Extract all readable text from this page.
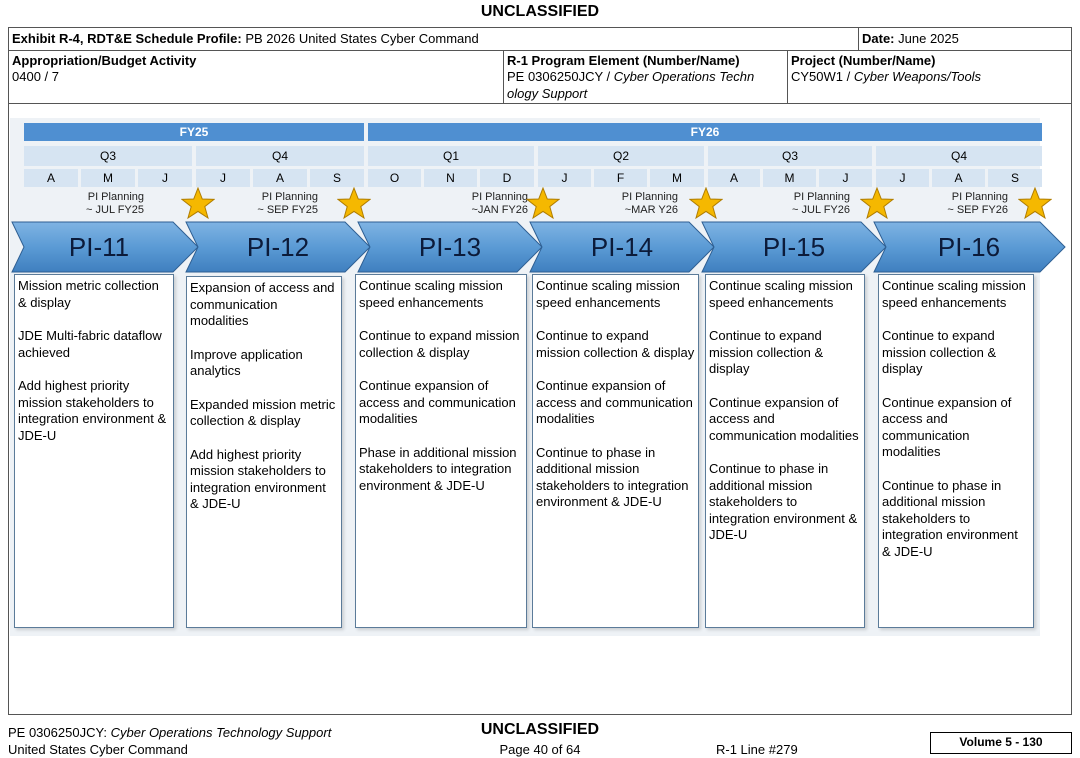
UNCLASSIFIED
Exhibit R-4, RDT&E Schedule Profile: PB 2026 United States Cyber Command	Date: June 2025
Appropriation/Budget Activity
0400 / 7
R-1 Program Element (Number/Name)
PE 0306250JCY / Cyber Operations Techn
ology Support
Project (Number/Name)
CY50W1 / Cyber Weapons/Tools
FY25	FY26
Q3	Q4	Q1	Q2	Q3	Q4
A	M	J	J	A	S	O	N	D	J	F	M	A	M	J	J	A	S
PI Planning
~ JUL FY25
PI Planning
~ SEP FY25
PI Planning
~JAN FY26
PI Planning
~MAR Y26
PI Planning
~ JUL FY26
PI Planning
~ SEP FY26
PI-11	PI-12	PI-13	PI-14	PI-15	PI-16

Mission metric collection & display

JDE Multi-fabric dataflow achieved

Add highest priority mission stakeholders to integration environment & JDE-U

Expansion of access and communication modalities

Improve application analytics

Expanded mission metric collection & display

Add highest priority mission stakeholders to integration environment & JDE-U

Continue scaling mission speed enhancements

Continue to expand mission collection & display

Continue expansion of access and communication modalities

Phase in additional mission stakeholders to integration environment & JDE-U

Continue scaling mission speed enhancements

Continue to expand mission collection & display

Continue expansion of access and communication modalities

Continue to phase in additional mission stakeholders to integration environment & JDE-U

Continue scaling mission speed enhancements

Continue to expand mission collection & display

Continue expansion of access and communication modalities

Continue to phase in additional mission stakeholders to integration environment & JDE-U

Continue scaling mission speed enhancements

Continue to expand mission collection & display

Continue expansion of access and communication modalities

Continue to phase in additional mission stakeholders to integration environment & JDE-U

PE 0306250JCY: Cyber Operations Technology Support
United States Cyber Command
UNCLASSIFIED
Page 40 of 64	R-1 Line #279	Volume 5 - 130
